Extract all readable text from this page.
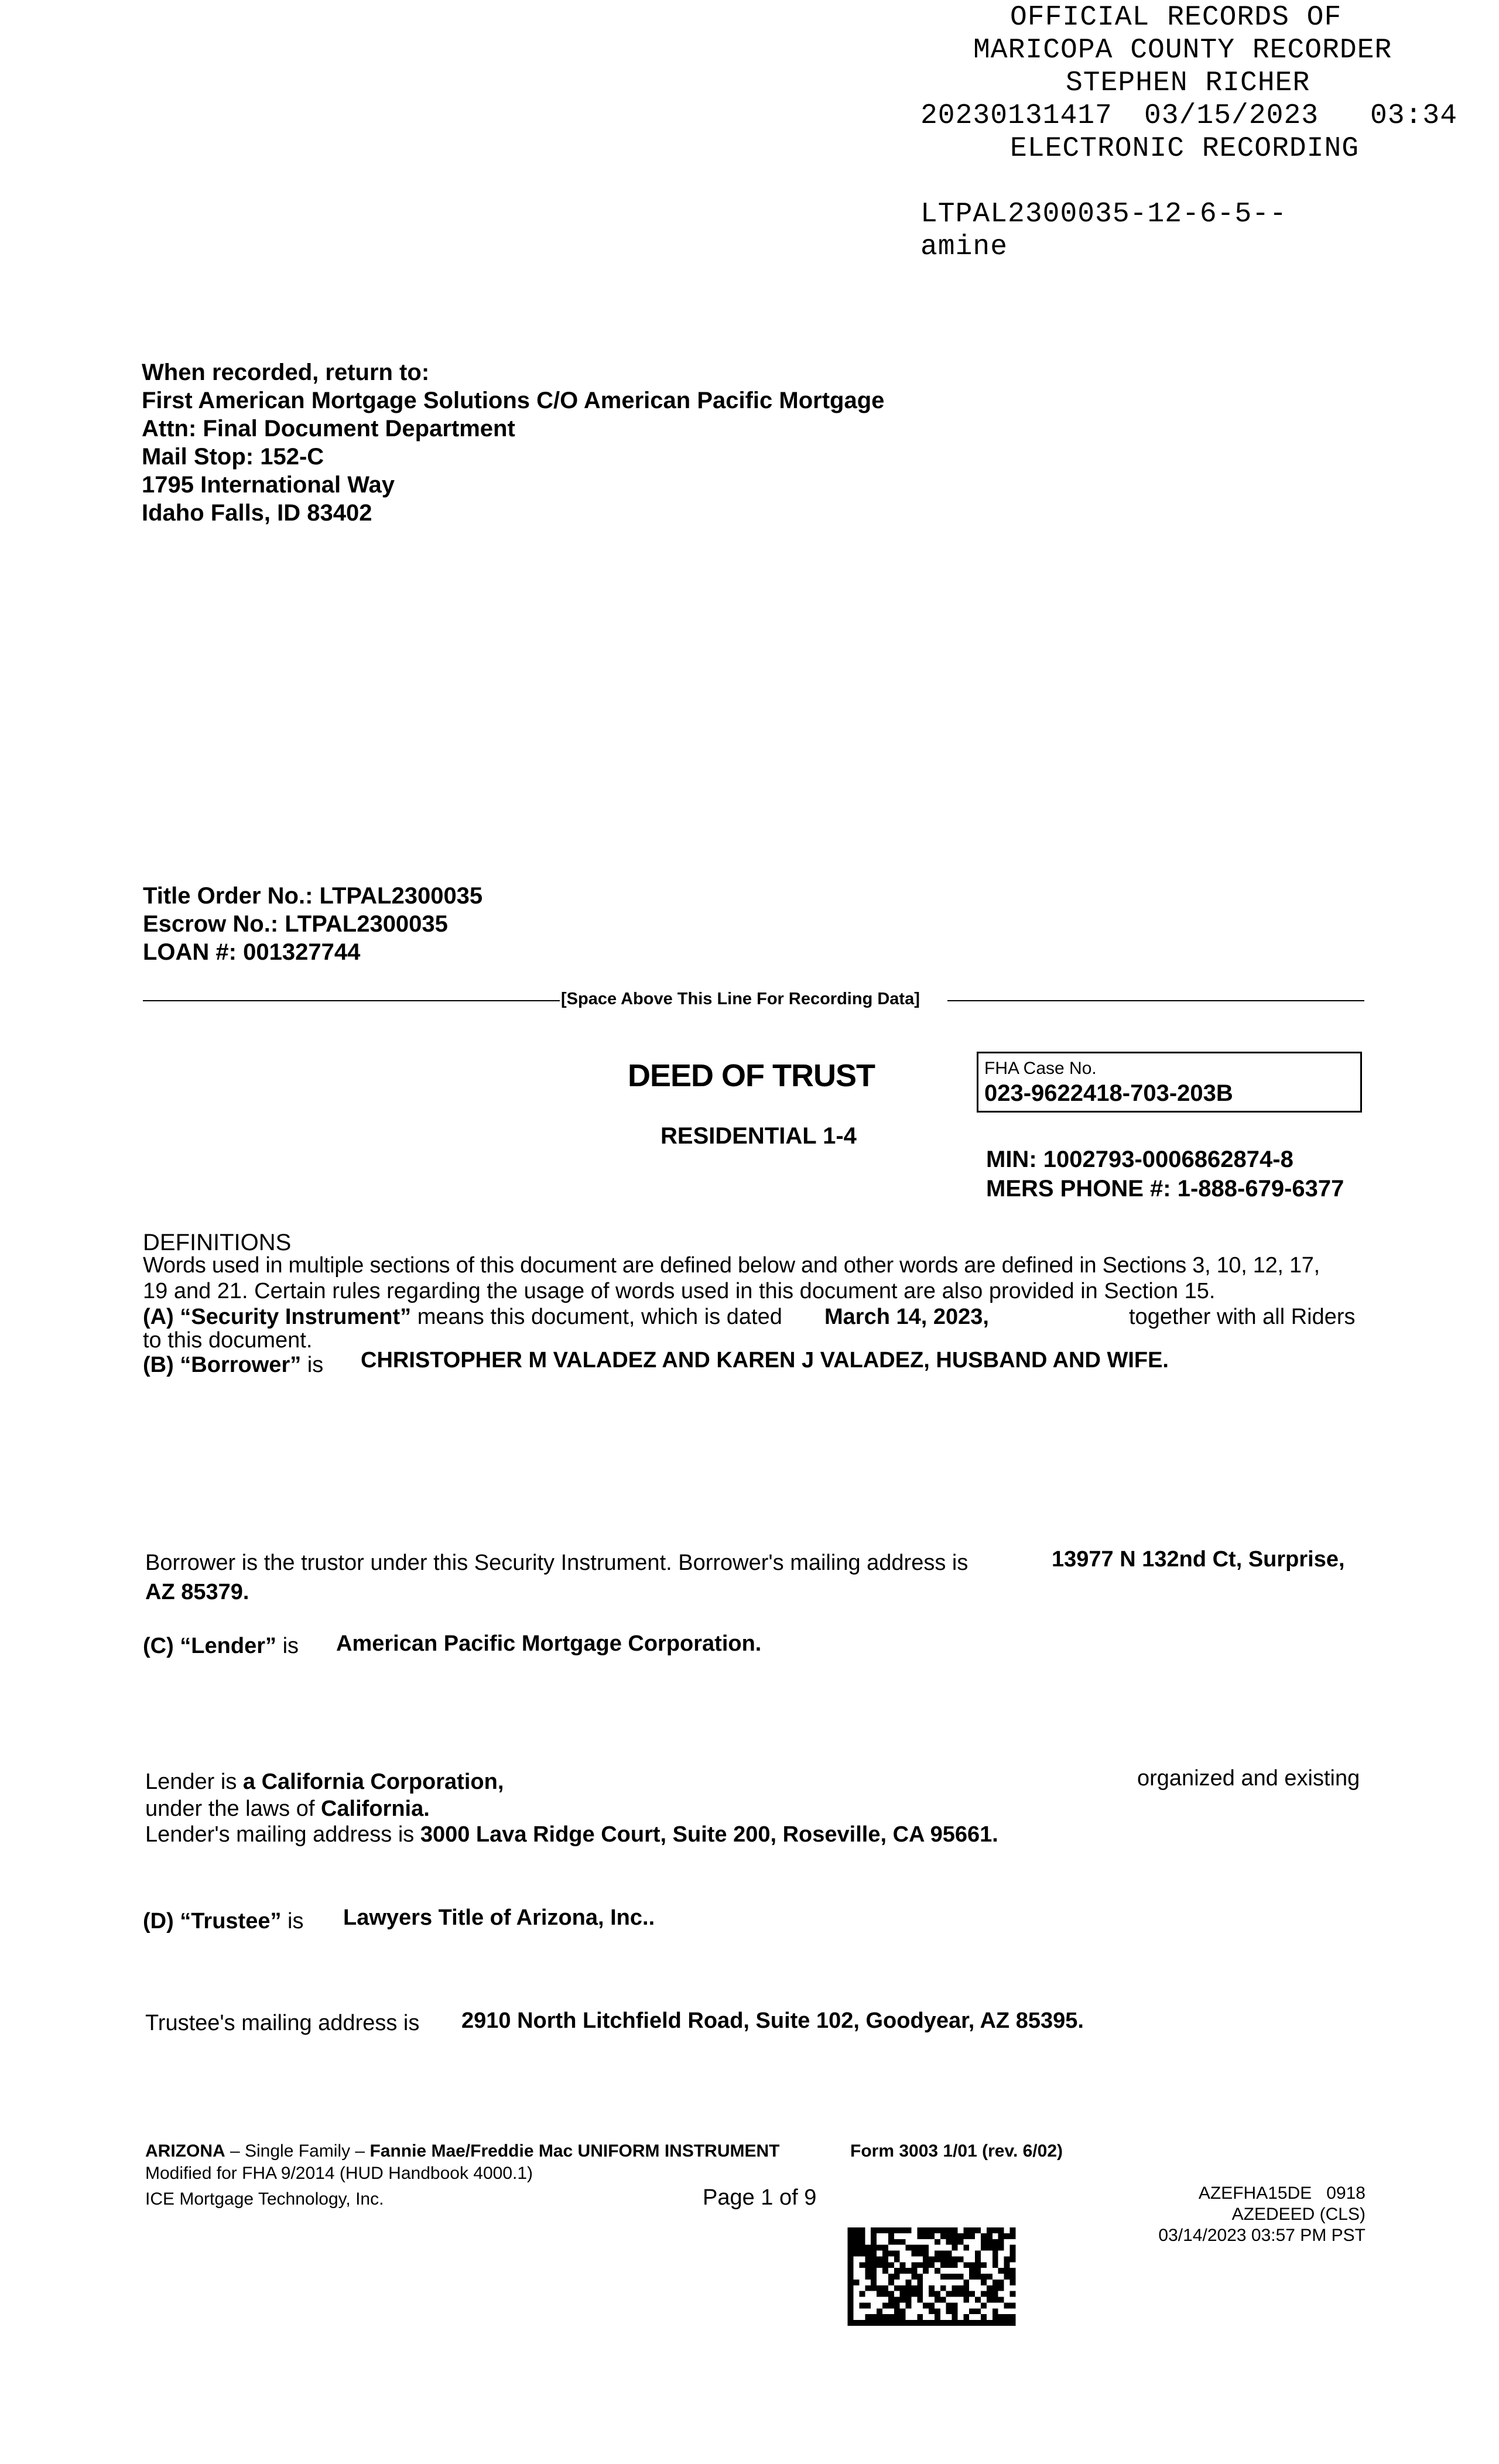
OFFICIAL RECORDS OF
MARICOPA COUNTY RECORDER
STEPHEN RICHER
20230131417 03/15/2023 03:34
ELECTRONIC RECORDING
LTPAL2300035-12-6-5--
amine
When recorded, return to:
First American Mortgage Solutions C/O American Pacific Mortgage
Attn: Final Document Department
Mail Stop: 152-C
1795 International Way
Idaho Falls, ID 83402
Title Order No.: LTPAL2300035
Escrow No.: LTPAL2300035
LOAN #: 001327744
[Space Above This Line For Recording Data]
DEED OF TRUST
RESIDENTIAL 1-4
FHA Case No.
023-9622418-703-203B
MIN: 1002793-0006862874-8
MERS PHONE #: 1-888-679-6377
DEFINITIONS
Words used in multiple sections of this document are defined below and other words are defined in Sections 3, 10, 12, 17,
19 and 21. Certain rules regarding the usage of words used in this document are also provided in Section 15.
(A) “Security Instrument” means this document, which is dated March 14, 2023,	together with all Riders
to this document.
(B) “Borrower” is CHRISTOPHER M VALADEZ AND KAREN J VALADEZ, HUSBAND AND WIFE.
Borrower is the trustor under this Security Instrument. Borrower's mailing address is	13977 N 132nd Ct, Surprise,
AZ 85379.
(C) “Lender” is American Pacific Mortgage Corporation.
Lender is a California Corporation,	organized and existing
under the laws of California.
Lender's mailing address is 3000 Lava Ridge Court, Suite 200, Roseville, CA 95661.
(D) “Trustee” is Lawyers Title of Arizona, Inc..
Trustee's mailing address is 2910 North Litchfield Road, Suite 102, Goodyear, AZ 85395.
ARIZONA – Single Family – Fannie Mae/Freddie Mac UNIFORM INSTRUMENT	Form 3003 1/01 (rev. 6/02)
Modified for FHA 9/2014 (HUD Handbook 4000.1)
ICE Mortgage Technology, Inc.	Page 1 of 9	AZEFHA15DE   0918
AZEDEED (CLS)
03/14/2023 03:57 PM PST
